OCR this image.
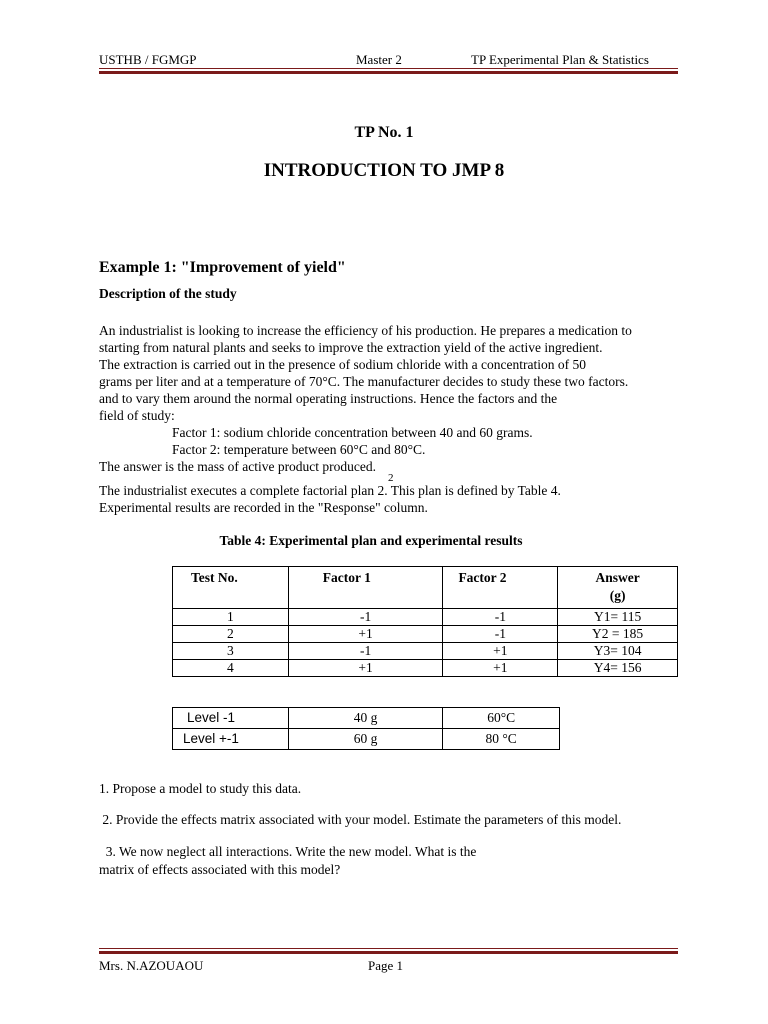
USTHB / FGMGP	Master 2	TP Experimental Plan & Statistics
TP No. 1
INTRODUCTION TO JMP 8
Example 1: "Improvement of yield"
Description of the study
An industrialist is looking to increase the efficiency of his production. He prepares a medication to
starting from natural plants and seeks to improve the extraction yield of the active ingredient.
The extraction is carried out in the presence of sodium chloride with a concentration of 50
grams per liter and at a temperature of 70°C. The manufacturer decides to study these two factors.
and to vary them around the normal operating instructions. Hence the factors and the
field of study:
Factor 1: sodium chloride concentration between 40 and 60 grams.
Factor 2: temperature between 60°C and 80°C.
The answer is the mass of active product produced.
2
The industrialist executes a complete factorial plan 2. This plan is defined by Table 4.
Experimental results are recorded in the "Response" column.
Table 4: Experimental plan and experimental results
Test No.	Factor 1	Factor 2	Answer
(g)

1	-1	-1	Y1= 115
2	+1	-1	Y2 = 185
3	-1	+1	Y3= 104
4	+1	+1	Y4= 156
Level -1	40 g	60°C
Level +-1	60 g	80 °C
1. Propose a model to study this data.
2. Provide the effects matrix associated with your model. Estimate the parameters of this model.
3. We now neglect all interactions. Write the new model. What is the
matrix of effects associated with this model?
Mrs. N.AZOUAOU	Page 1
